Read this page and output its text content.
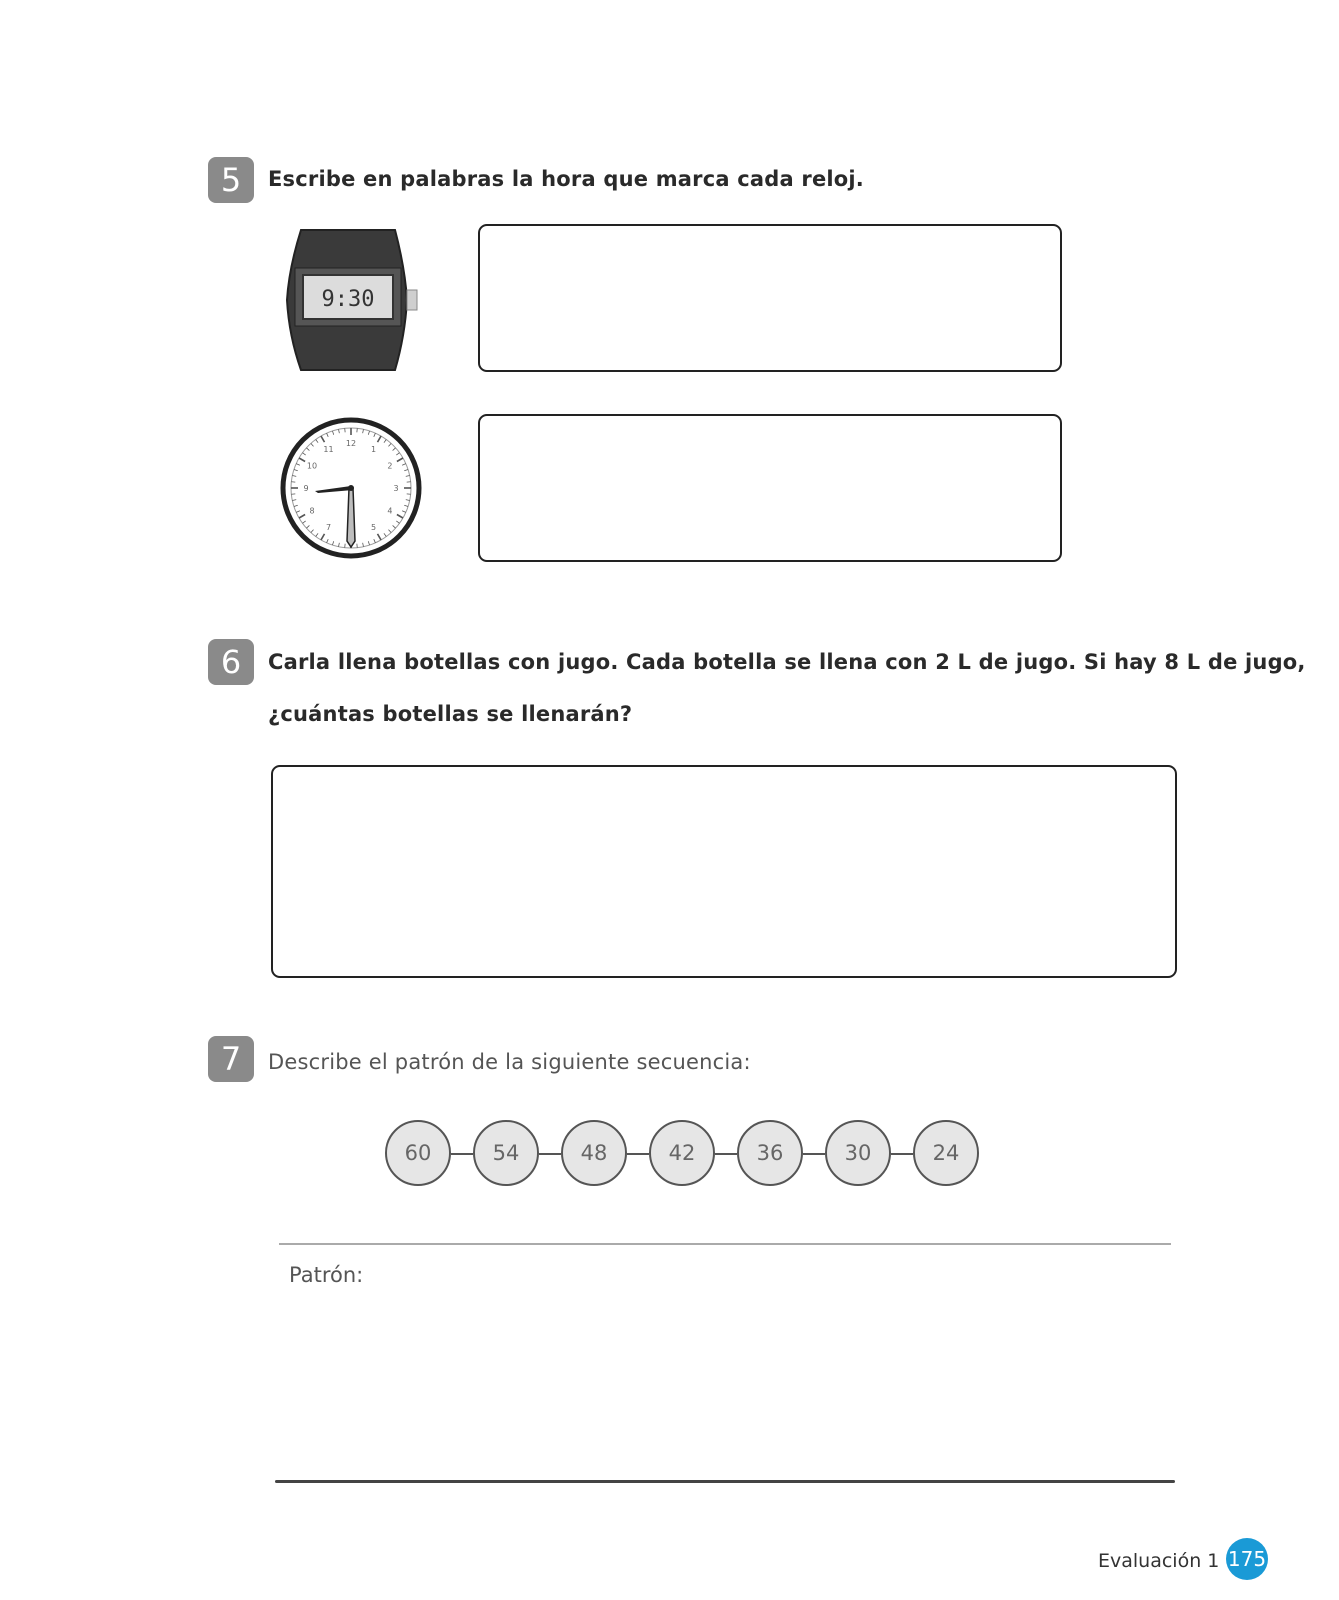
5	Escribe en palabras la hora que marca cada reloj.
9:30
1
2
3
4
5
7
8
9
10
11
12
6	Carla llena botellas con jugo. Cada botella se llena con 2 L de jugo. Si hay 8 L de jugo,
¿cuántas botellas se llenarán?
7	Describe el patrón de la siguiente secuencia:
60	54	48	42	36	30	24
Patrón:
Evaluación 1 175
